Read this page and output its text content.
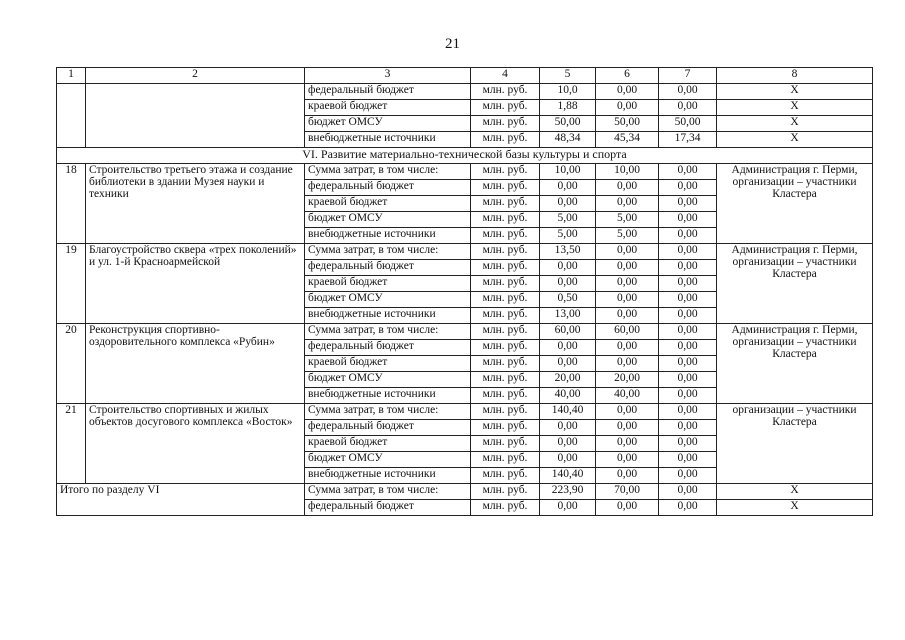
21
1	2	3	4	5	6	7	8
		федеральный бюджет	млн. руб.	10,0	0,00	0,00	X
		краевой бюджет	млн. руб.	1,88	0,00	0,00	X
		бюджет ОМСУ	млн. руб.	50,00	50,00	50,00	X
		внебюджетные источники	млн. руб.	48,34	45,34	17,34	X
VI. Развитие материально-технической базы культуры и спорта							
18	Строительство третьего этажа и создание библиотеки в здании Музея науки и техники	Сумма затрат, в том числе:	млн. руб.	10,00	10,00	0,00	Администрация г. Перми, организации – участники Кластера
		федеральный бюджет	млн. руб.	0,00	0,00	0,00	
		краевой бюджет	млн. руб.	0,00	0,00	0,00	
		бюджет ОМСУ	млн. руб.	5,00	5,00	0,00	
		внебюджетные источники	млн. руб.	5,00	5,00	0,00	
19	Благоустройство сквера «трех поколений» и ул. 1-й Красноармейской	Сумма затрат, в том числе:	млн. руб.	13,50	0,00	0,00	Администрация г. Перми, организации – участники Кластера
		федеральный бюджет	млн. руб.	0,00	0,00	0,00	
		краевой бюджет	млн. руб.	0,00	0,00	0,00	
		бюджет ОМСУ	млн. руб.	0,50	0,00	0,00	
		внебюджетные источники	млн. руб.	13,00	0,00	0,00	
20	Реконструкция спортивно-оздоровительного комплекса «Рубин»	Сумма затрат, в том числе:	млн. руб.	60,00	60,00	0,00	Администрация г. Перми, организации – участники Кластера
		федеральный бюджет	млн. руб.	0,00	0,00	0,00	
		краевой бюджет	млн. руб.	0,00	0,00	0,00	
		бюджет ОМСУ	млн. руб.	20,00	20,00	0,00	
		внебюджетные источники	млн. руб.	40,00	40,00	0,00	
21	Строительство спортивных и жилых объектов досугового комплекса «Восток»	Сумма затрат, в том числе:	млн. руб.	140,40	0,00	0,00	организации – участники Кластера
		федеральный бюджет	млн. руб.	0,00	0,00	0,00	
		краевой бюджет	млн. руб.	0,00	0,00	0,00	
		бюджет ОМСУ	млн. руб.	0,00	0,00	0,00	
		внебюджетные источники	млн. руб.	140,40	0,00	0,00	
Итого по разделу VI		Сумма затрат, в том числе:	млн. руб.	223,90	70,00	0,00	X
		федеральный бюджет	млн. руб.	0,00	0,00	0,00	X
